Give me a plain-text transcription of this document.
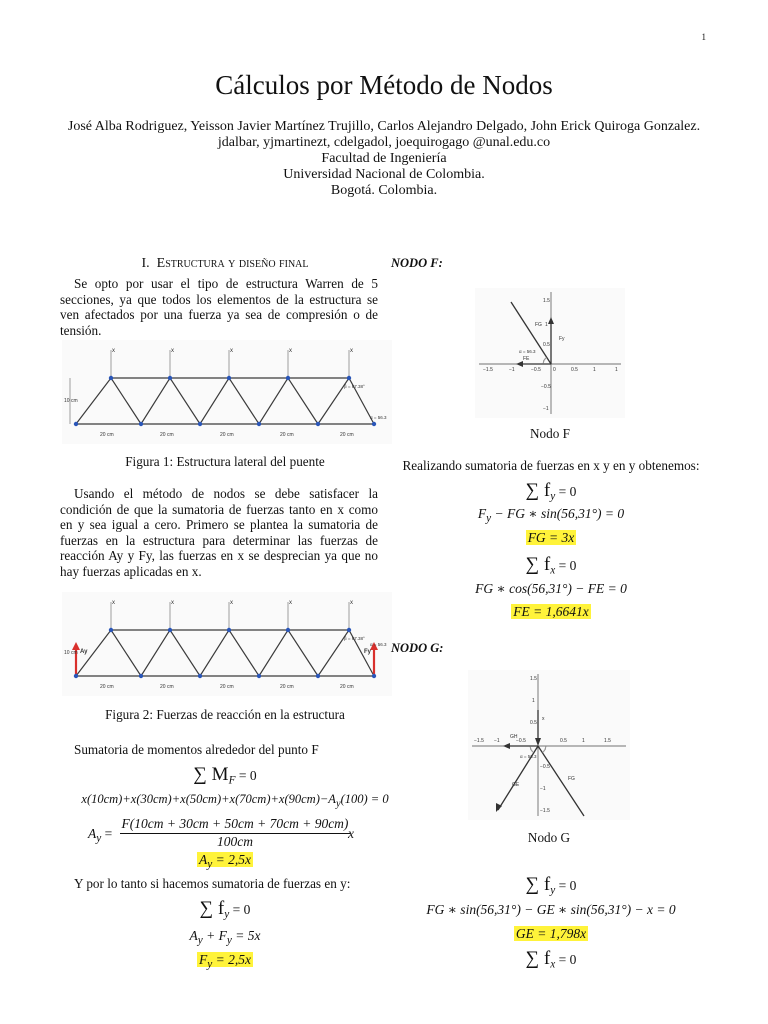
1
Cálculos por Método de Nodos
José Alba Rodriguez, Yeisson Javier Martínez Trujillo, Carlos Alejandro Delgado, John Erick Quiroga Gonzalez.
jdalbar, yjmartinezt, cdelgadol, joequirogago @unal.edu.co
Facultad de Ingeniería
Universidad Nacional de Colombia.
Bogotá. Colombia.
I. Estructura y diseño final
Se opto por usar el tipo de estructura Warren de 5 secciones, ya que todos los elementos de la estructura se ven afectados por una fuerza ya sea de compresión o de tensión.
x	x	x	x	x
10 cm
20 cm	20 cm	20 cm	20 cm	20 cm
β = 67.38°
α = 56.3
Figura 1: Estructura lateral del puente
Usando el método de nodos se debe satisfacer la condición de que la sumatoria de fuerzas tanto en x como en y sea igual a cero. Primero se plantea la sumatoria de fuerzas en la estructura para determinar las fuerzas de reacción Ay y Fy, las fuerzas en x se desprecian ya que no hay fuerzas aplicadas en x.
x	x	x	x	x
Ay	Fy
10 cm
20 cm	20 cm	20 cm	20 cm	20 cm
β = 67.38°
α = 56.3
Figura 2: Fuerzas de reacción en la estructura
Sumatoria de momentos alrededor del punto F
∑ $M_F = 0$
$x(10cm)+x(30cm)+x(50cm)+x(70cm)+x(90cm)-A_y(100) = 0$
$A_y$ =
F(10cm + 30cm + 50cm + 70cm + 90cm)
100cm
x
$A_y = 2,5x$
Y por lo tanto si hacemos sumatoria de fuerzas en y:
∑ $f_y = 0$
$A_y + F_y = 5x$
$F_y = 2,5x$
NODO F:
FG
Fy
FE
α = 56.3
−1.5	−1	−0.5 0	0.5	1	1
1.5
1
0.5
−0.5
−1
Nodo F
Realizando sumatoria de fuerzas en x y en y obtenemos:
∑ $f_y = 0$
$F_y$ − FG ∗ sin(56,31°) = 0
FG = 3x
∑ $f_x = 0$
FG ∗ cos(56,31°) − FE = 0
FE = 1,6641x
NODO G:
x
GH
GE
FG
α = 56.3
−1.5 −1	−0.5	0.5	1	1.5
1.5
1
0.5
−0.5
−1
−1.5
Nodo G
∑ $f_y = 0$
FG ∗ sin(56,31°) − GE ∗ sin(56,31°) − x = 0
GE = 1,798x
∑ $f_x = 0$
